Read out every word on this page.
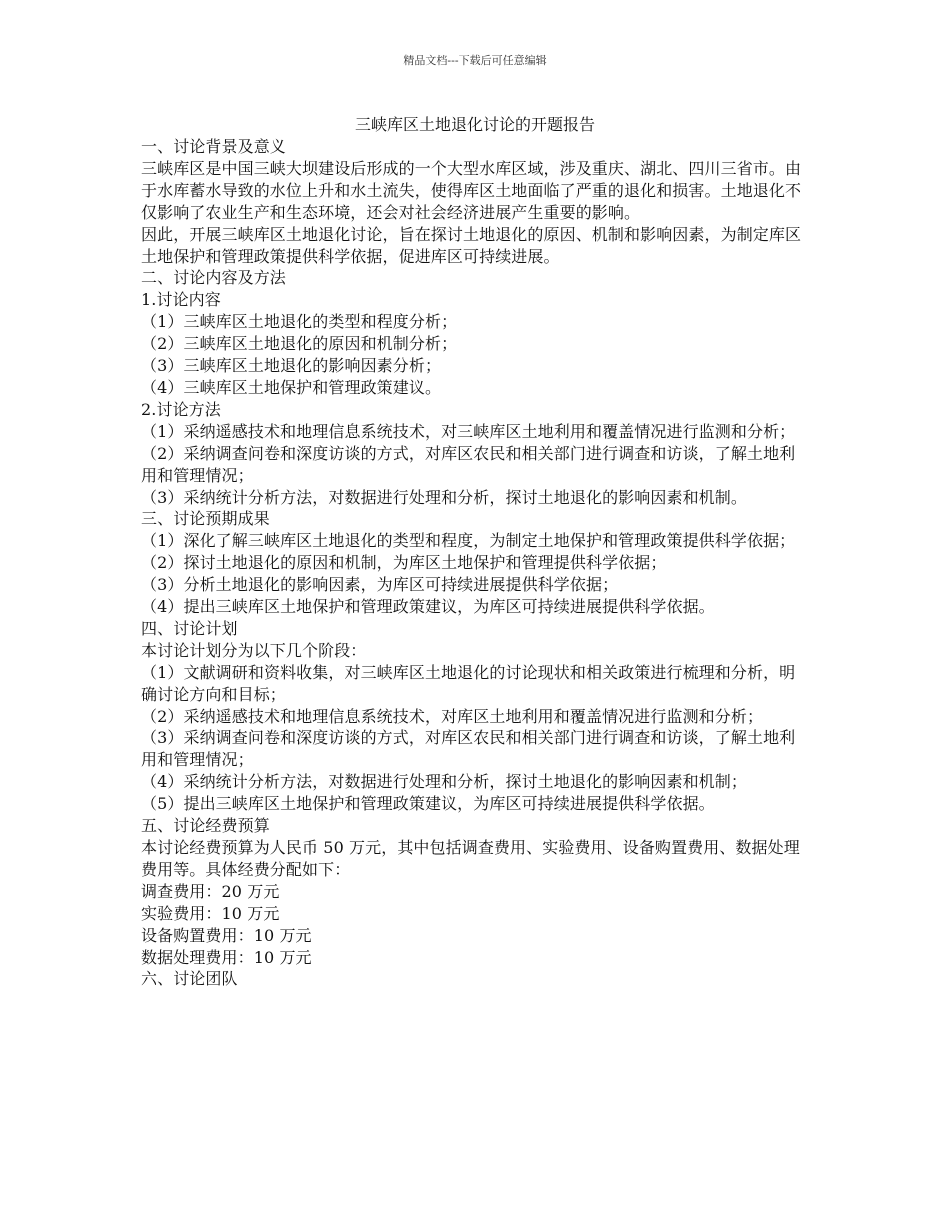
精品文档---下载后可任意编辑
三峡库区土地退化讨论的开题报告

一、讨论背景及意义

三峡库区是中国三峡大坝建设后形成的一个大型水库区域，涉及重庆、湖北、四川三省市。由于水库蓄水导致的水位上升和水土流失，使得库区土地面临了严重的退化和损害。土地退化不仅影响了农业生产和生态环境，还会对社会经济进展产生重要的影响。

因此，开展三峡库区土地退化讨论，旨在探讨土地退化的原因、机制和影响因素，为制定库区土地保护和管理政策提供科学依据，促进库区可持续进展。

二、讨论内容及方法

1.讨论内容

（1）三峡库区土地退化的类型和程度分析；

（2）三峡库区土地退化的原因和机制分析；

（3）三峡库区土地退化的影响因素分析；

（4）三峡库区土地保护和管理政策建议。

2.讨论方法

（1）采纳遥感技术和地理信息系统技术，对三峡库区土地利用和覆盖情况进行监测和分析；

（2）采纳调查问卷和深度访谈的方式，对库区农民和相关部门进行调查和访谈，了解土地利用和管理情况；

（3）采纳统计分析方法，对数据进行处理和分析，探讨土地退化的影响因素和机制。

三、讨论预期成果

（1）深化了解三峡库区土地退化的类型和程度，为制定土地保护和管理政策提供科学依据；

（2）探讨土地退化的原因和机制，为库区土地保护和管理提供科学依据；

（3）分析土地退化的影响因素，为库区可持续进展提供科学依据；

（4）提出三峡库区土地保护和管理政策建议，为库区可持续进展提供科学依据。

四、讨论计划

本讨论计划分为以下几个阶段：

（1）文献调研和资料收集，对三峡库区土地退化的讨论现状和相关政策进行梳理和分析，明确讨论方向和目标；

（2）采纳遥感技术和地理信息系统技术，对库区土地利用和覆盖情况进行监测和分析；

（3）采纳调查问卷和深度访谈的方式，对库区农民和相关部门进行调查和访谈，了解土地利用和管理情况；

（4）采纳统计分析方法，对数据进行处理和分析，探讨土地退化的影响因素和机制；

（5）提出三峡库区土地保护和管理政策建议，为库区可持续进展提供科学依据。

五、讨论经费预算

本讨论经费预算为人民币 50 万元，其中包括调查费用、实验费用、设备购置费用、数据处理费用等。具体经费分配如下：

调查费用：20 万元

实验费用：10 万元

设备购置费用：10 万元

数据处理费用：10 万元

六、讨论团队
